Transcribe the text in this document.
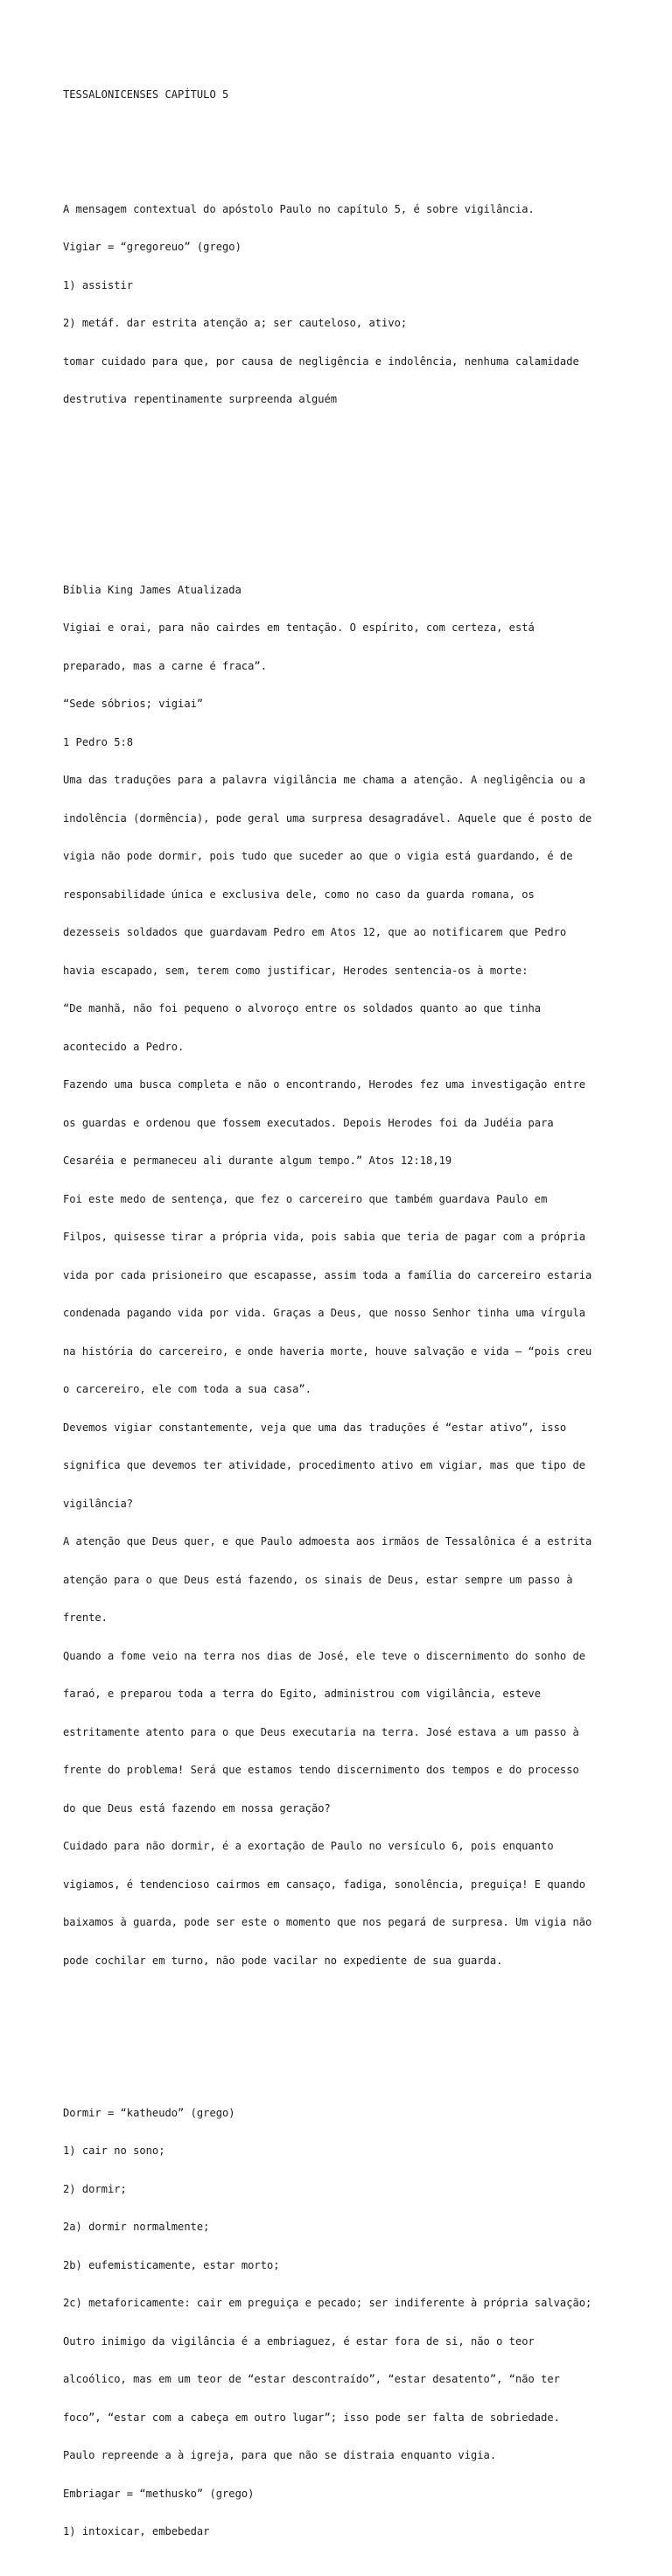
TESSALONICENSES CAPÍTULO 5

A mensagem contextual do apóstolo Paulo no capítulo 5, é sobre vigilância.

Vigiar = “gregoreuo” (grego)

1) assistir

2) metáf. dar estrita atenção a; ser cauteloso, ativo;

tomar cuidado para que, por causa de negligência e indolência, nenhuma calamidade

destrutiva repentinamente surpreenda alguém

Bíblia King James Atualizada

Vigiai e orai, para não cairdes em tentação. O espírito, com certeza, está

preparado, mas a carne é fraca”.

“Sede sóbrios; vigiai”

1 Pedro 5:8

Uma das traduções para a palavra vigilância me chama a atenção. A negligência ou a

indolência (dormência), pode geral uma surpresa desagradável. Aquele que é posto de

vigia não pode dormir, pois tudo que suceder ao que o vigia está guardando, é de

responsabilidade única e exclusiva dele, como no caso da guarda romana, os

dezesseis soldados que guardavam Pedro em Atos 12, que ao notificarem que Pedro

havia escapado, sem, terem como justificar, Herodes sentencia-os à morte:

“De manhã, não foi pequeno o alvoroço entre os soldados quanto ao que tinha

acontecido a Pedro.

Fazendo uma busca completa e não o encontrando, Herodes fez uma investigação entre

os guardas e ordenou que fossem executados. Depois Herodes foi da Judéia para

Cesaréia e permaneceu ali durante algum tempo.” Atos 12:18,19

Foi este medo de sentença, que fez o carcereiro que também guardava Paulo em

Filpos, quisesse tirar a própria vida, pois sabia que teria de pagar com a própria

vida por cada prisioneiro que escapasse, assim toda a família do carcereiro estaria

condenada pagando vida por vida. Graças a Deus, que nosso Senhor tinha uma vírgula

na história do carcereiro, e onde haveria morte, houve salvação e vida – “pois creu

o carcereiro, ele com toda a sua casa”.

Devemos vigiar constantemente, veja que uma das traduções é “estar ativo”, isso

significa que devemos ter atividade, procedimento ativo em vigiar, mas que tipo de

vigilância?

A atenção que Deus quer, e que Paulo admoesta aos irmãos de Tessalônica é a estrita

atenção para o que Deus está fazendo, os sinais de Deus, estar sempre um passo à

frente.

Quando a fome veio na terra nos dias de José, ele teve o discernimento do sonho de

faraó, e preparou toda a terra do Egito, administrou com vigilância, esteve

estritamente atento para o que Deus executaria na terra. José estava a um passo à

frente do problema! Será que estamos tendo discernimento dos tempos e do processo

do que Deus está fazendo em nossa geração?

Cuidado para não dormir, é a exortação de Paulo no versículo 6, pois enquanto

vigiamos, é tendencioso cairmos em cansaço, fadiga, sonolência, preguiça! E quando

baixamos à guarda, pode ser este o momento que nos pegará de surpresa. Um vigia não

pode cochilar em turno, não pode vacilar no expediente de sua guarda.

Dormir = “katheudo” (grego)

1) cair no sono;

2) dormir;

2a) dormir normalmente;

2b) eufemisticamente, estar morto;

2c) metaforicamente: cair em preguiça e pecado; ser indiferente à própria salvação;

Outro inimigo da vigilância é a embriaguez, é estar fora de si, não o teor

alcoólico, mas em um teor de “estar descontraído”, “estar desatento”, “não ter

foco”, “estar com a cabeça em outro lugar”; isso pode ser falta de sobriedade.

Paulo repreende a à igreja, para que não se distraia enquanto vigia.

Embriagar = “methusko” (grego)

1) intoxicar, embebedar
